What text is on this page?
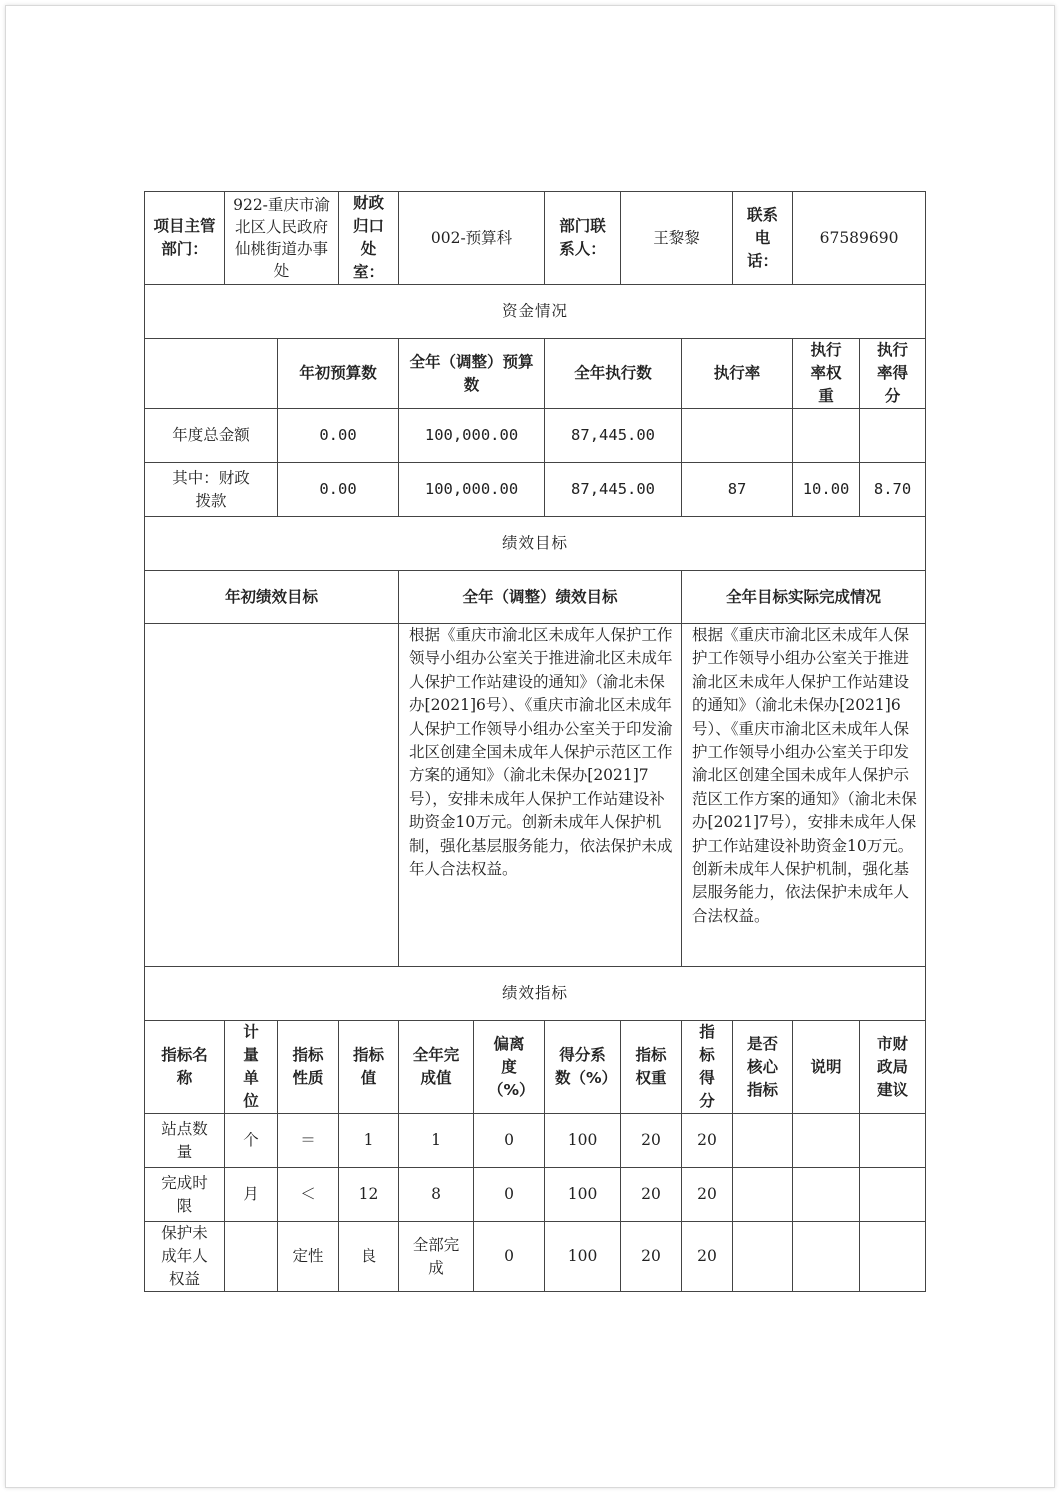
项目主管部门：	922-重庆市渝北区人民政府仙桃街道办事处		财政归口处室：	002-预算科		部门联系人：	王黎黎		联系电话：	67589690	
资金情况											
		年初预算数		全年（调整）预算数		全年执行数		执行率		执行率权重	执行率得分
年度总金额		0.00		100,000.00		87,445.00					
其中：财政拨款		0.00		100,000.00		87,445.00		87		10.00	8.70
绩效目标											
年初绩效目标				全年（调整）绩效目标				全年目标实际完成情况			
				根据《重庆市渝北区未成年人保护工作领导小组办公室关于推进渝北区未成年人保护工作站建设的通知》（渝北未保办[2021]6号）、《重庆市渝北区未成年人保护工作领导小组办公室关于印发渝北区创建全国未成年人保护示范区工作方案的通知》（渝北未保办[2021]7号），安排未成年人保护工作站建设补助资金10万元。创新未成年人保护机制，强化基层服务能力，依法保护未成年人合法权益。				根据《重庆市渝北区未成年人保护工作领导小组办公室关于推进渝北区未成年人保护工作站建设的通知》（渝北未保办[2021]6号）、《重庆市渝北区未成年人保护工作领导小组办公室关于印发渝北区创建全国未成年人保护示范区工作方案的通知》（渝北未保办[2021]7号），安排未成年人保护工作站建设补助资金10万元。创新未成年人保护机制，强化基层服务能力，依法保护未成年人合法权益。			
绩效指标											
指标名称	计量单位	指标性质	指标值	全年完成值	偏离度（%）	得分系数（%）	指标权重	指标得分	是否核心指标	说明	市财政局建议
站点数量	个	＝	1	1	0	100	20	20			
完成时限	月	＜	12	8	0	100	20	20			
保护未成年人权益		定性	良	全部完成	0	100	20	20			
